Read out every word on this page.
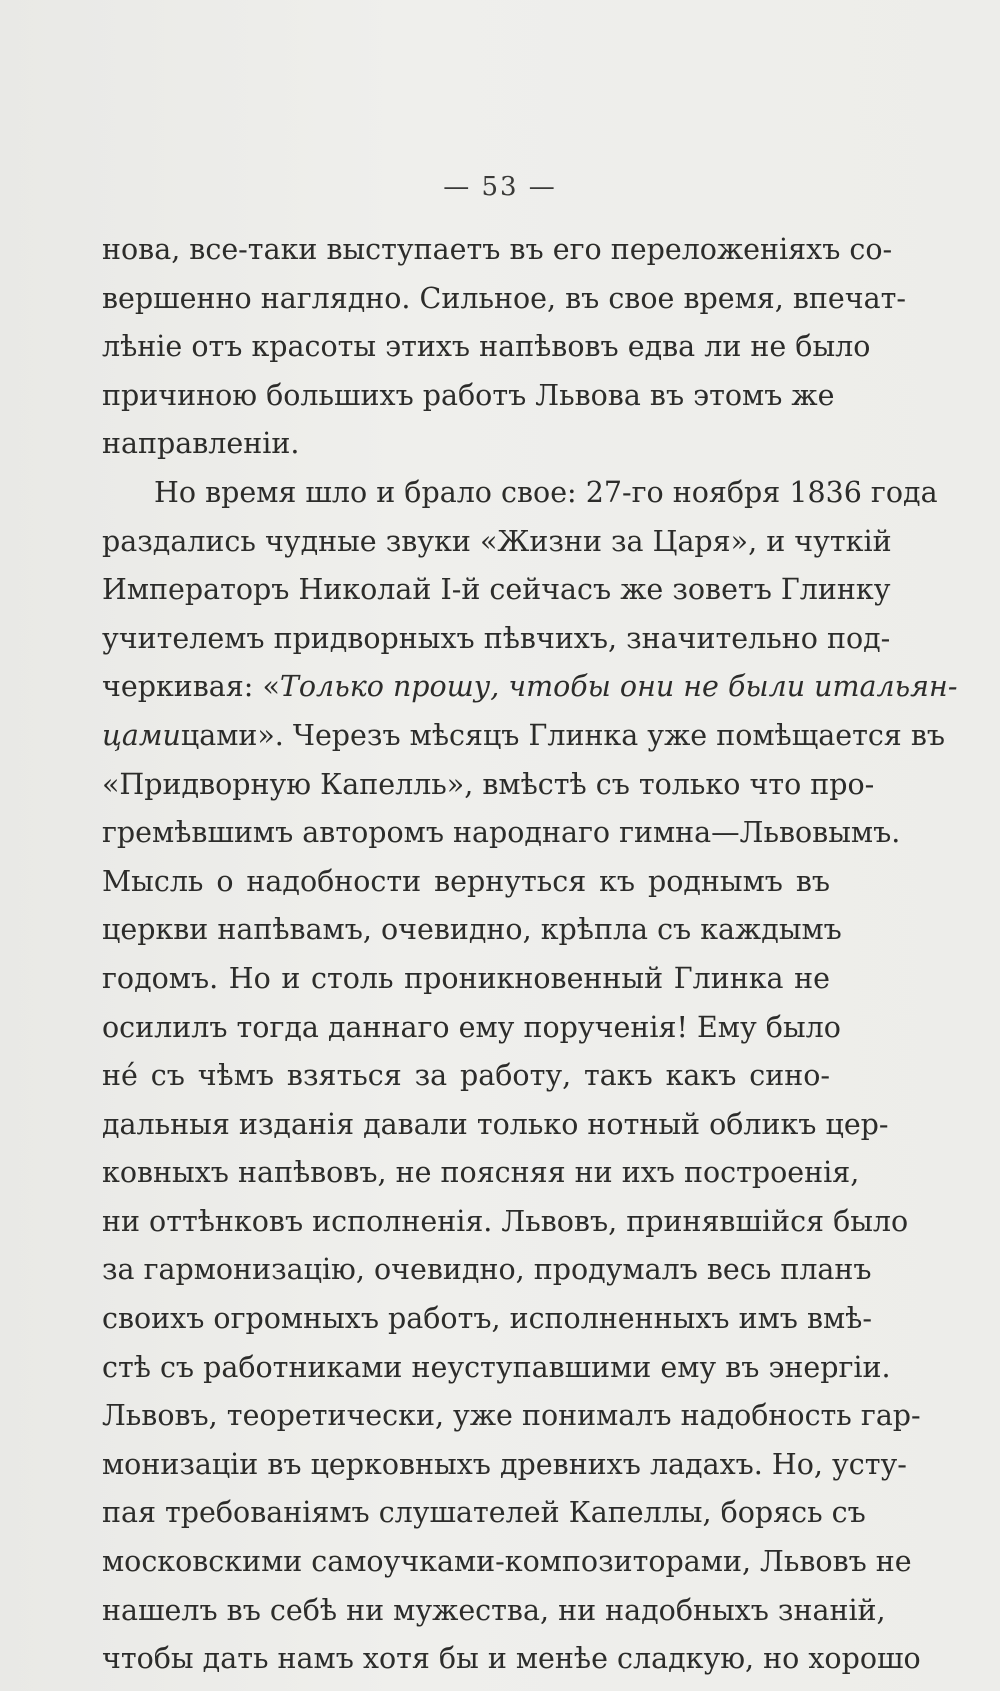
— 53 —
нова, все-таки выступаетъ въ его переложеніяхъ со-
вершенно наглядно. Сильное, въ свое время, впечат-
лѣніе отъ красоты этихъ напѣвовъ едва ли не было
причиною большихъ работъ Львова въ этомъ же
направленіи.
Но время шло и брало свое: 27-го ноября 1836 года
раздались чудные звуки «Жизни за Царя», и чуткій
Императоръ Николай I-й сейчасъ же зоветъ Глинку
учителемъ придворныхъ пѣвчихъ, значительно под-
черкивая: «Только прошу, чтобы они не были итальян-
цамицами». Черезъ мѣсяцъ Глинка уже помѣщается въ
«Придворную Капелль», вмѣстѣ съ только что про-
гремѣвшимъ авторомъ народнаго гимна—Львовымъ.
Мысль о надобности вернуться къ роднымъ въ
церкви напѣвамъ, очевидно, крѣпла съ каждымъ
годомъ. Но и столь проникновенный Глинка не
осилилъ тогда даннаго ему порученія! Ему было
нé съ чѣмъ взяться за работу, такъ какъ сино-
дальныя изданія давали только нотный обликъ цер-
ковныхъ напѣвовъ, не поясняя ни ихъ построенія,
ни оттѣнковъ исполненія. Львовъ, принявшійся было
за гармонизацію, очевидно, продумалъ весь планъ
своихъ огромныхъ работъ, исполненныхъ имъ вмѣ-
стѣ съ работниками неуступавшими ему въ энергіи.
Львовъ, теоретически, уже понималъ надобность гар-
монизаціи въ церковныхъ древнихъ ладахъ. Но, усту-
пая требованіямъ слушателей Капеллы, борясь съ
московскими самоучками-композиторами, Львовъ не
нашелъ въ себѣ ни мужества, ни надобныхъ знаній,
чтобы дать намъ хотя бы и менѣе сладкую, но хорошо
